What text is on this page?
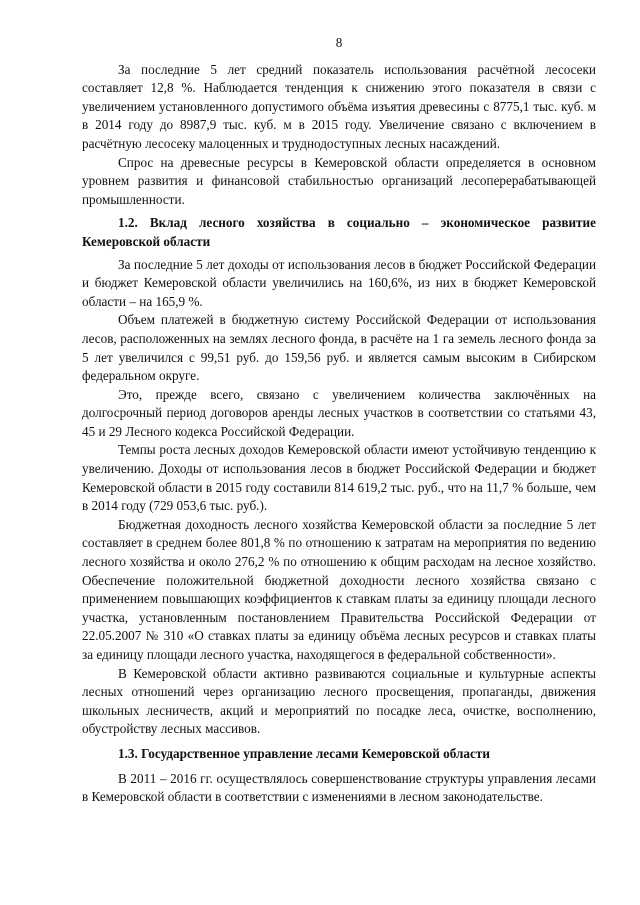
8

За последние 5 лет средний показатель использования расчётной лесосеки составляет 12,8 %. Наблюдается тенденция к снижению этого показателя в связи с увеличением установленного допустимого объёма изъятия древесины с 8775,1 тыс. куб. м в 2014 году до 8987,9 тыс. куб. м в 2015 году. Увеличение связано с включением в расчётную лесосеку малоценных и труднодоступных лесных насаждений.

Спрос на древесные ресурсы в Кемеровской области определяется в основном уровнем развития и финансовой стабильностью организаций лесоперерабатывающей промышленности.

1.2. Вклад лесного хозяйства в социально – экономическое развитие Кемеровской области

За последние 5 лет доходы от использования лесов в бюджет Российской Федерации и бюджет Кемеровской области увеличились на 160,6%, из них в бюджет Кемеровской области – на 165,9 %.

Объем платежей в бюджетную систему Российской Федерации от использования лесов, расположенных на землях лесного фонда, в расчёте на 1 га земель лесного фонда за 5 лет увеличился с 99,51 руб. до 159,56 руб. и является самым высоким в Сибирском федеральном округе.

Это, прежде всего, связано с увеличением количества заключённых на долгосрочный период договоров аренды лесных участков в соответствии со статьями 43, 45 и 29 Лесного кодекса Российской Федерации.

Темпы роста лесных доходов Кемеровской области имеют устойчивую тенденцию к увеличению. Доходы от использования лесов в бюджет Российской Федерации и бюджет Кемеровской области в 2015 году составили 814 619,2 тыс. руб., что на 11,7 % больше, чем в 2014 году (729 053,6 тыс. руб.).

Бюджетная доходность лесного хозяйства Кемеровской области за последние 5 лет составляет в среднем более 801,8 % по отношению к затратам на мероприятия по ведению лесного хозяйства и около 276,2 % по отношению к общим расходам на лесное хозяйство. Обеспечение положительной бюджетной доходности лесного хозяйства связано с применением повышающих коэффициентов к ставкам платы за единицу площади лесного участка, установленным постановлением Правительства Российской Федерации от 22.05.2007 № 310 «О ставках платы за единицу объёма лесных ресурсов и ставках платы за единицу площади лесного участка, находящегося в федеральной собственности».

В Кемеровской области активно развиваются социальные и культурные аспекты лесных отношений через организацию лесного просвещения, пропаганды, движения школьных лесничеств, акций и мероприятий по посадке леса, очистке, восполнению, обустройству лесных массивов.

1.3. Государственное управление лесами Кемеровской области

В 2011 – 2016 гг. осуществлялось совершенствование структуры управления лесами в Кемеровской области в соответствии с изменениями в лесном законодательстве.
